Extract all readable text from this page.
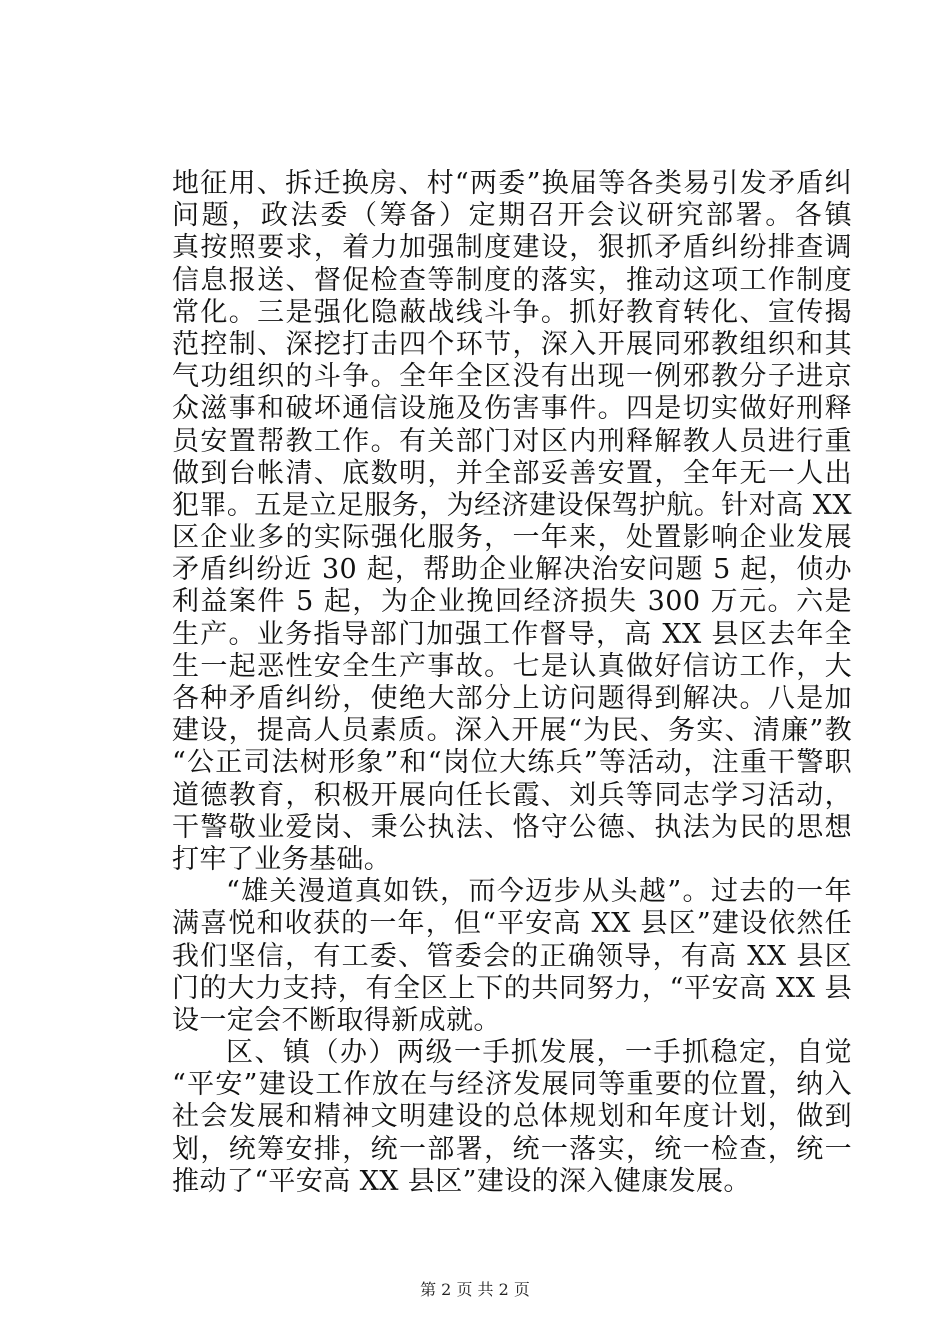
地征用、拆迁换房、村“两委”换届等各类易引发矛盾纠
问题，政法委（筹备）定期召开会议研究部署。各镇
真按照要求，着力加强制度建设，狠抓矛盾纠纷排查调
信息报送、督促检查等制度的落实，推动这项工作制度
常化。三是强化隐蔽战线斗争。抓好教育转化、宣传揭
范控制、深挖打击四个环节，深入开展同邪教组织和其
气功组织的斗争。全年全区没有出现一例邪教分子进京
众滋事和破坏通信设施及伤害事件。四是切实做好刑释
员安置帮教工作。有关部门对区内刑释解教人员进行重
做到台帐清、底数明，并全部妥善安置，全年无一人出
犯罪。五是立足服务，为经济建设保驾护航。针对高 XX
区企业多的实际强化服务，一年来，处置影响企业发展
矛盾纠纷近 30 起，帮助企业解决治安问题 5 起，侦办
利益案件 5 起，为企业挽回经济损失 300 万元。六是
生产。业务指导部门加强工作督导，高 XX 县区去年全
生一起恶性安全生产事故。七是认真做好信访工作，大
各种矛盾纠纷，使绝大部分上访问题得到解决。八是加
建设，提高人员素质。深入开展“为民、务实、清廉”教
“公正司法树形象”和“岗位大练兵”等活动，注重干警职
道德教育，积极开展向任长霞、刘兵等同志学习活动，
干警敬业爱岗、秉公执法、恪守公德、执法为民的思想
打牢了业务基础。
“雄关漫道真如铁，而今迈步从头越”。过去的一年
满喜悦和收获的一年，但“平安高 XX 县区”建设依然任
我们坚信，有工委、管委会的正确领导，有高 XX 县区
门的大力支持，有全区上下的共同努力，“平安高 XX 县
设一定会不断取得新成就。
区、镇（办）两级一手抓发展，一手抓稳定，自觉
“平安”建设工作放在与经济发展同等重要的位置，纳入
社会发展和精神文明建设的总体规划和年度计划，做到
划，统筹安排，统一部署，统一落实，统一检查，统一
推动了“平安高 XX 县区”建设的深入健康发展。
第 2 页 共 2 页
